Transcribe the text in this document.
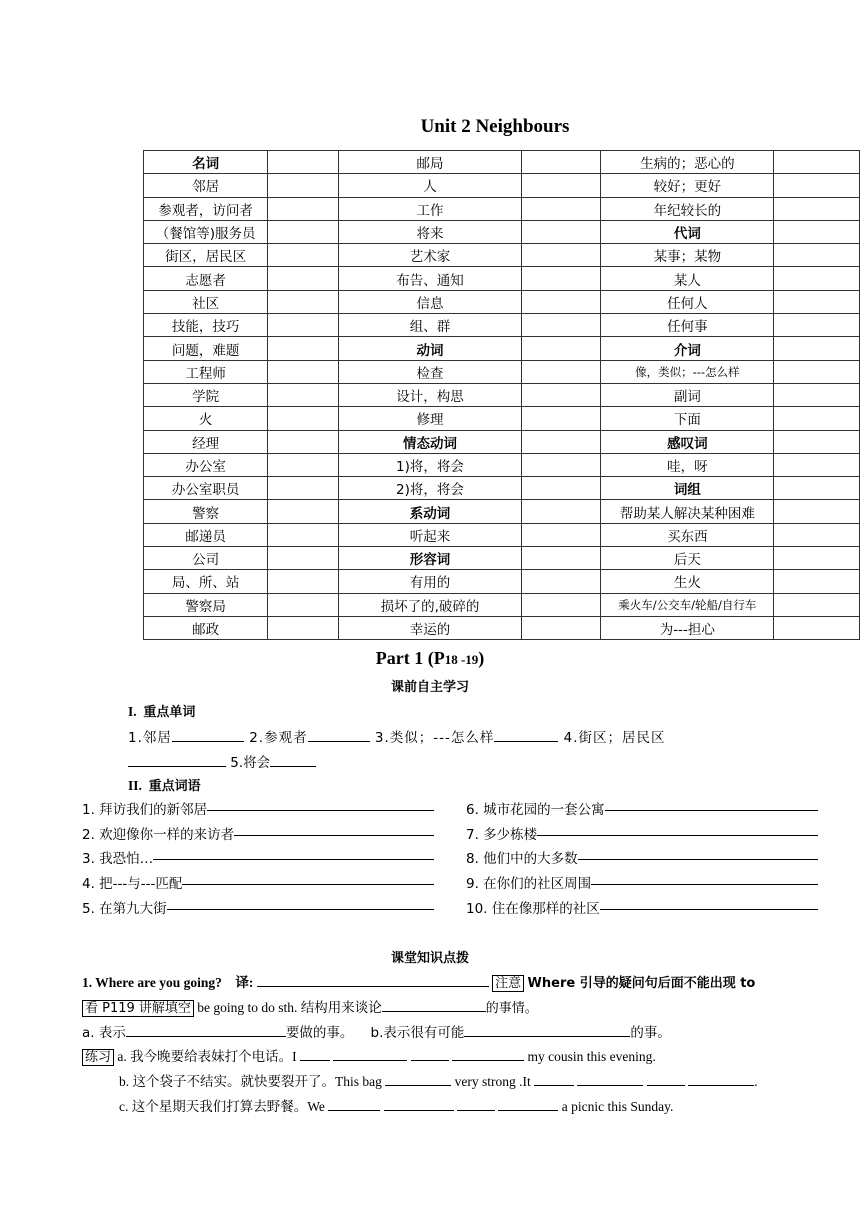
Unit 2 Neighbours
名词		邮局		生病的；恶心的	
邻居		人		较好；更好	
参观者，访问者		工作		年纪较长的	
（餐馆等)服务员		将来		代词	
街区，居民区		艺术家		某事；某物	
志愿者		布告、通知		某人	
社区		信息		任何人	
技能，技巧		组、群		任何事	
问题，难题		动词		介词	
工程师		检查		像，类似；---怎么样	
学院		设计，构思		副词	
火		修理		下面	
经理		情态动词		感叹词	
办公室		1)将，将会		哇，呀	
办公室职员		2)将，将会		词组	
警察		系动词		帮助某人解决某种困难	
邮递员		听起来		买东西	
公司		形容词		后天	
局、所、站		有用的		生火	
警察局		损坏了的,破碎的		乘火车/公交车/轮船/自行车	
邮政		幸运的		为---担心	
Part 1 (P18 -19)
课前自主学习
I. 重点单词
1.邻居	2.参观者	3.类似；---怎么样	4.街区；居民区
5.将会
II. 重点词语
1. 拜访我们的新邻居
2. 欢迎像你一样的来访者
3. 我恐怕…
4. 把---与---匹配
5. 在第九大街
6. 城市花园的一套公寓
7. 多少栋楼
8. 他们中的大多数
9. 在你们的社区周围
10. 住在像那样的社区
课堂知识点拨
1. Where are you going? 译:	注意 Where 引导的疑问句后面不能出现 to
看 P119 讲解填空 be going to do sth. 结构用来谈论	的事情。
a. 表示	要做的事。 b.表示很有可能	的事。
练习 a. 我今晚要给表妹打个电话。I	my cousin this evening.
b. 这个袋子不结实。就快要裂开了。This bag	very strong .It	.
c. 这个星期天我们打算去野餐。We	a picnic this Sunday.
